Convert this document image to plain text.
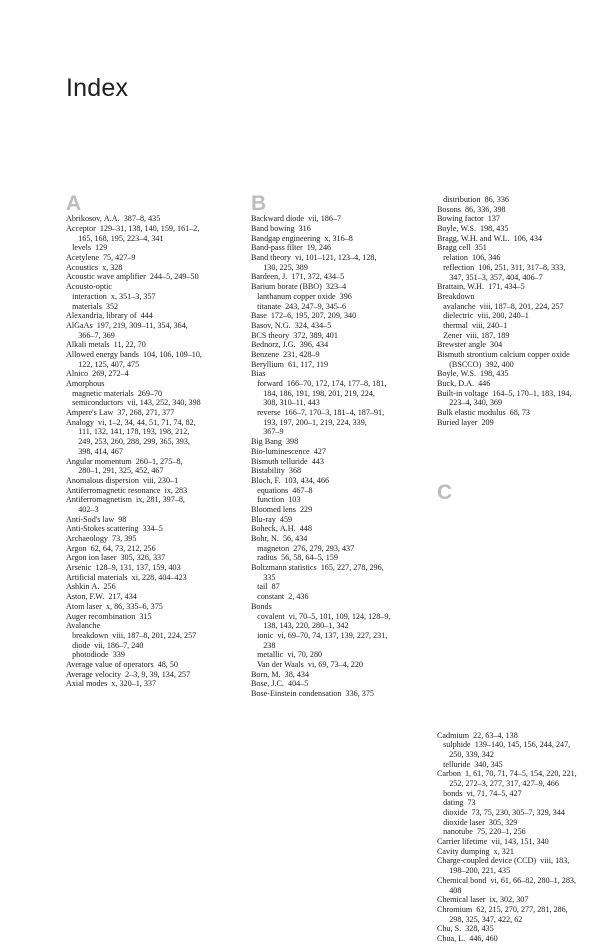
Index
A	B
C
Abrikosov, A.A.  387–8, 435
Acceptor  129–31, 138, 140, 159, 161–2,
165, 168, 195, 223–4, 341
levels  129
Acetylene  75, 427–9
Acoustics  x, 328
Acoustic wave amplifier  244–5, 249–50
Acousto-optic
interaction  x, 351–3, 357
materials  352
Alexandria, library of  444
AlGaAs  197, 219, 309–11, 354, 364,
366–7, 369
Alkali metals  11, 22, 70
Allowed energy bands  104, 106, 109–10,
122, 125, 407, 475
Alnico  269, 272–4
Amorphous
magnetic materials  269–70
semiconductors  vii, 143, 252, 340, 398
Ampere's Law  37, 268, 271, 377
Analogy  vi, 1–2, 34, 44, 51, 71, 74, 82,
111, 132, 141, 178, 193, 198, 212,
249, 253, 260, 288, 299, 365, 393,
398, 414, 467
Angular momentum  260–1, 275–8,
280–1, 291, 325, 452, 467
Anomalous dispersion  viii, 230–1
Antiferromagnetic resonance  ix, 283
Antiferromagnetism  ix, 281, 397–8,
402–3
Anti-Sod's law  98
Anti-Stokes scattering  334–5
Archaeology  73, 395
Argon  62, 64, 73, 212, 256
Argon ion laser  305, 326, 337
Arsenic  128–9, 131, 137, 159, 403
Artificial materials  xi, 228, 404–423
Ashkin A.  256
Aston, F.W.  217, 434
Atom laser  x, 86, 335–6, 375
Auger recombination  315
Avalanche
breakdown  viii, 187–8, 201, 224, 257
diode  vii, 186–7, 240
photodiode  339
Average value of operators  48, 50
Average velocity  2–3, 9, 39, 134, 257
Axial modes  x, 320–1, 337
Backward diode  vii, 186–7
Band bowing  316
Bandgap engineering  x, 316–8
Band-pass filter  19, 246
Band theory  vi, 101–121, 123–4, 128,
130, 225, 389
Bardeen, J.  171, 372, 434–5
Barium borate (BBO)  323–4
lanthanum copper oxide  396
titanate  243, 247–9, 345–6
Base  172–6, 195, 207, 209, 340
Basov, N.G.  324, 434–5
BCS theory  372, 389, 401
Bednorz, J.G.  396, 434
Benzene  231, 428–9
Beryllium  61, 117, 119
Bias
forward  166–70, 172, 174, 177–8, 181,
184, 186, 191, 198, 201, 219, 224,
308, 310–11, 443
reverse  166–7, 170–3, 181–4, 187–91,
193, 197, 200–1, 219, 224, 339,
367–9
Big Bang  398
Bio-luminescence  427
Bismuth telluride  443
Bistability  368
Bloch, F.  103, 434, 466
equations  467–8
function  103
Bloomed lens  229
Blu-ray  459
Boheck, A.H.  448
Bohr, N.  56, 434
magneton  276, 279, 293, 437
radius  56, 58, 64–5, 159
Boltzmann statistics  165, 227, 278, 296,
335
tail  87
constant  2, 436
Bonds
covalent  vi, 70–5, 101, 109, 124, 128–9,
138, 143, 220, 280–1, 342
ionic  vi, 69–70, 74, 137, 139, 227, 231,
238
metallic  vi, 70, 280
Van der Waals  vi, 69, 73–4, 220
Born, M.  38, 434
Bose, J.C.  404–5
Bose-Einstein condensation  336, 375
distribution  86, 336
Bosons  86, 336, 398
Bowing factor  137
Boyle, W.S.  198, 435
Bragg, W.H. and W.L.  106, 434
Bragg cell  351
relation  106, 346
reflection  106, 251, 311, 317–8, 333,
347, 351–3, 357, 404, 406–7
Brattain, W.H.  171, 434–5
Breakdown
avalanche  viii, 187–8, 201, 224, 257
dielectric  viii, 200, 240–1
thermal  viii, 240–1
Zener  viii, 187, 189
Brewster angle  304
Bismuth strontium calcium copper oxide
(BSCCO)  392, 400
Boyle, W.S.  198, 435
Buck, D.A.  446
Built-in voltage  164–5, 170–1, 183, 194,
223–4, 340, 369
Bulk elastic modulus  68, 73
Buried layer  209
Cadmium  22, 63–4, 138
sulphide  139–140, 145, 156, 244, 247,
250, 339, 342
telluride  340, 345
Carbon  1, 61, 70, 71, 74–5, 154, 220, 221,
252, 272–3, 277, 317, 427–9, 466
bonds  vi, 71, 74–5, 427
dating  73
dioxide  73, 75, 230, 305–7, 329, 344
dioxide laser  305, 329
nanotube  75, 220–1, 256
Carrier lifetime  vii, 143, 151, 340
Cavity dumping  x, 321
Charge-coupled device (CCD)  viii, 183,
198–200, 221, 435
Chemical bond  vi, 61, 66–82, 280–1, 283,
408
Chemical laser  ix, 302, 307
Chromium  62, 215, 270, 277, 281, 286,
298, 325, 347, 422, 62
Chu, S.  328, 435
Chua, L.  446, 460
